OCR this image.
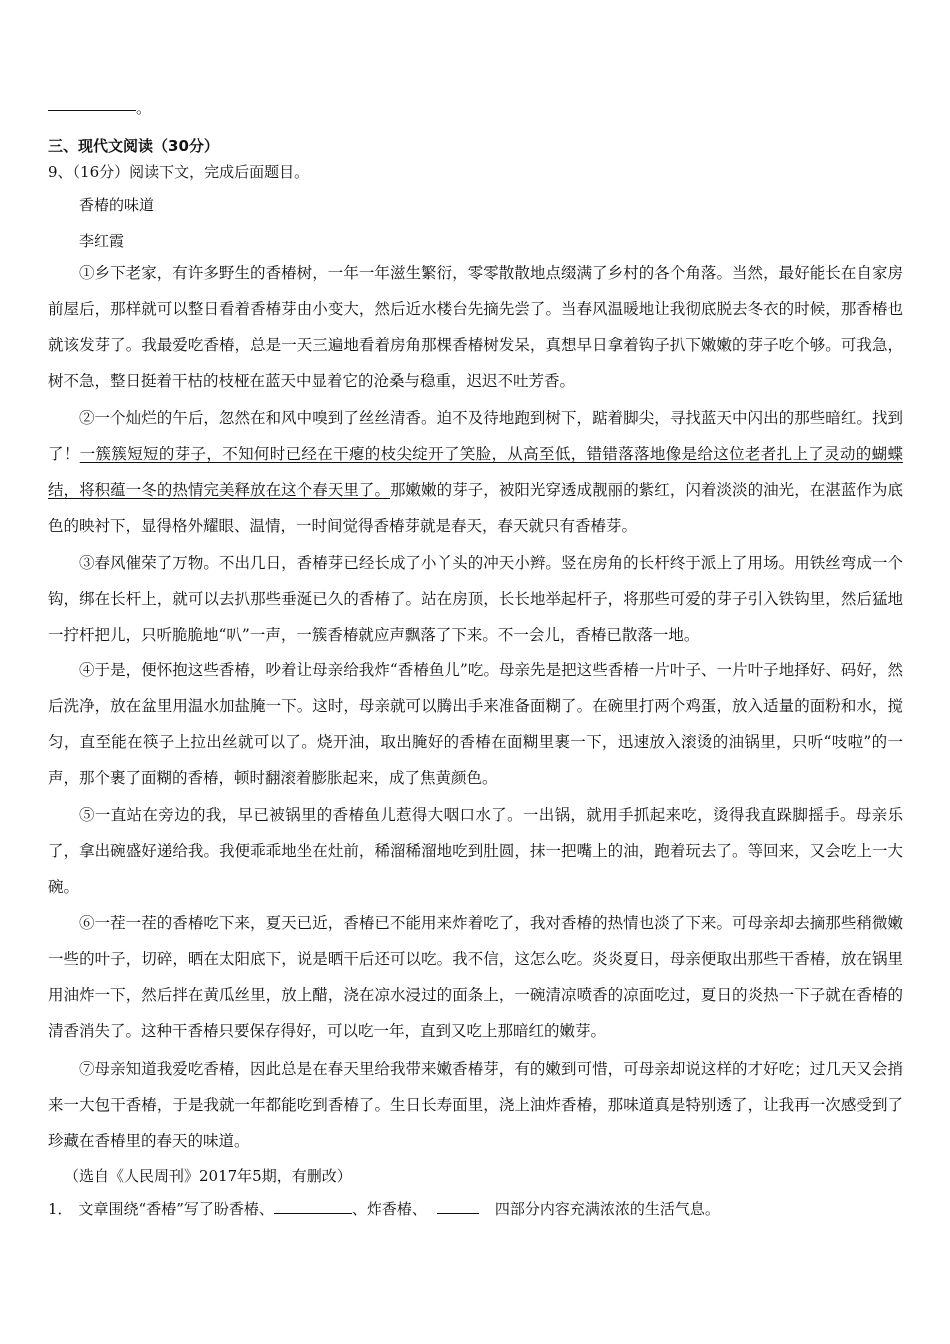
。
三、现代文阅读（30分）
9、（16分）阅读下文，完成后面题目。
香椿的味道
李红霞
①乡下老家，有许多野生的香椿树，一年一年滋生繁衍，零零散散地点缀满了乡村的各个角落。当然，最好能长在自家房前屋后，那样就可以整日看着香椿芽由小变大，然后近水楼台先摘先尝了。当春风温暖地让我彻底脱去冬衣的时候，那香椿也就该发芽了。我最爱吃香椿，总是一天三遍地看着房角那棵香椿树发呆，真想早日拿着钩子扒下嫩嫩的芽子吃个够。可我急，树不急，整日挺着干枯的枝桠在蓝天中显着它的沧桑与稳重，迟迟不吐芳香。
②一个灿烂的午后，忽然在和风中嗅到了丝丝清香。迫不及待地跑到树下，踮着脚尖，寻找蓝天中闪出的那些暗红。找到了！一簇簇短短的芽子，不知何时已经在干瘪的枝尖绽开了笑脸，从高至低，错错落落地像是给这位老者扎上了灵动的蝴蝶结，将积蕴一冬的热情完美释放在这个春天里了。那嫩嫩的芽子，被阳光穿透成靓丽的紫红，闪着淡淡的油光，在湛蓝作为底色的映衬下，显得格外耀眼、温情，一时间觉得香椿芽就是春天，春天就只有香椿芽。
③春风催荣了万物。不出几日，香椿芽已经长成了小丫头的冲天小辫。竖在房角的长杆终于派上了用场。用铁丝弯成一个钩，绑在长杆上，就可以去扒那些垂涎已久的香椿了。站在房顶，长长地举起杆子，将那些可爱的芽子引入铁钩里，然后猛地一拧杆把儿，只听脆脆地“叭”一声，一簇香椿就应声飘落了下来。不一会儿，香椿已散落一地。
④于是，便怀抱这些香椿，吵着让母亲给我炸“香椿鱼儿”吃。母亲先是把这些香椿一片叶子、一片叶子地择好、码好，然后洗净，放在盆里用温水加盐腌一下。这时，母亲就可以腾出手来准备面糊了。在碗里打两个鸡蛋，放入适量的面粉和水，搅匀，直至能在筷子上拉出丝就可以了。烧开油，取出腌好的香椿在面糊里裹一下，迅速放入滚烫的油锅里，只听“吱啦”的一声，那个裹了面糊的香椿，顿时翻滚着膨胀起来，成了焦黄颜色。
⑤一直站在旁边的我，早已被锅里的香椿鱼儿惹得大咽口水了。一出锅，就用手抓起来吃，烫得我直跺脚摇手。母亲乐了，拿出碗盛好递给我。我便乖乖地坐在灶前，稀溜稀溜地吃到肚圆，抹一把嘴上的油，跑着玩去了。等回来，又会吃上一大碗。
⑥一茬一茬的香椿吃下来，夏天已近，香椿已不能用来炸着吃了，我对香椿的热情也淡了下来。可母亲却去摘那些稍微嫩一些的叶子，切碎，晒在太阳底下，说是晒干后还可以吃。我不信，这怎么吃。炎炎夏日，母亲便取出那些干香椿，放在锅里用油炸一下，然后拌在黄瓜丝里，放上醋，浇在凉水浸过的面条上，一碗清凉喷香的凉面吃过，夏日的炎热一下子就在香椿的清香消失了。这种干香椿只要保存得好，可以吃一年，直到又吃上那暗红的嫩芽。
⑦母亲知道我爱吃香椿，因此总是在春天里给我带来嫩香椿芽，有的嫩到可惜，可母亲却说这样的才好吃；过几天又会捎来一大包干香椿，于是我就一年都能吃到香椿了。生日长寿面里，浇上油炸香椿，那味道真是特别透了，让我再一次感受到了珍藏在香椿里的春天的味道。
（选自《人民周刊》2017年5期，有删改）
1． 文章围绕“香椿”写了盼香椿、	、炸香椿、	四部分内容充满浓浓的生活气息。
